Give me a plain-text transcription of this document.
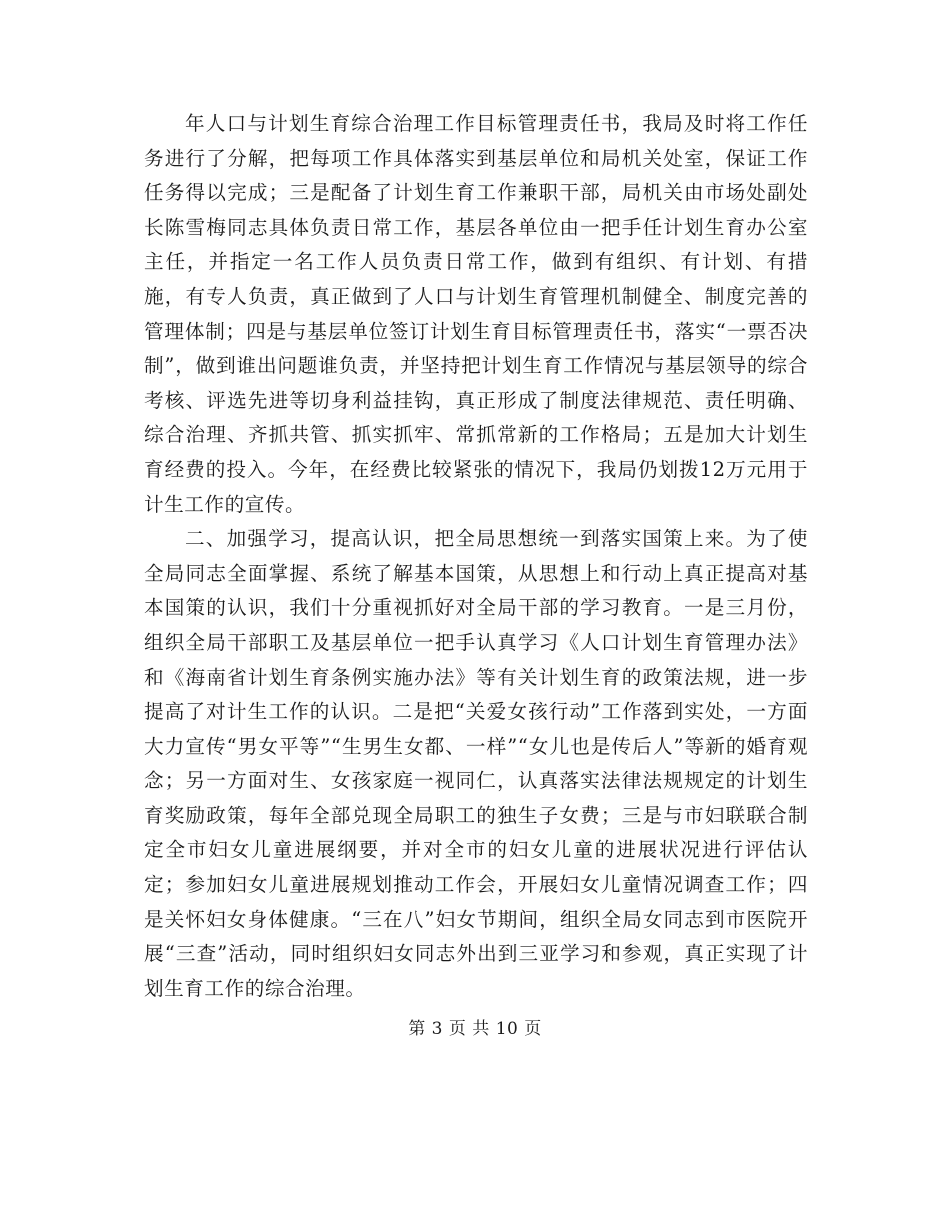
年人口与计划生育综合治理工作目标管理责任书，我局及时将工作任务进行了分解，把每项工作具体落实到基层单位和局机关处室，保证工作任务得以完成；三是配备了计划生育工作兼职干部，局机关由市场处副处长陈雪梅同志具体负责日常工作，基层各单位由一把手任计划生育办公室主任，并指定一名工作人员负责日常工作，做到有组织、有计划、有措施，有专人负责，真正做到了人口与计划生育管理机制健全、制度完善的管理体制；四是与基层单位签订计划生育目标管理责任书，落实“一票否决制”，做到谁出问题谁负责，并坚持把计划生育工作情况与基层领导的综合考核、评选先进等切身利益挂钩，真正形成了制度法律规范、责任明确、综合治理、齐抓共管、抓实抓牢、常抓常新的工作格局；五是加大计划生育经费的投入。今年，在经费比较紧张的情况下，我局仍划拨12万元用于计生工作的宣传。

二、加强学习，提高认识，把全局思想统一到落实国策上来。为了使全局同志全面掌握、系统了解基本国策，从思想上和行动上真正提高对基本国策的认识，我们十分重视抓好对全局干部的学习教育。一是三月份，组织全局干部职工及基层单位一把手认真学习《人口计划生育管理办法》和《海南省计划生育条例实施办法》等有关计划生育的政策法规，进一步提高了对计生工作的认识。二是把“关爱女孩行动”工作落到实处，一方面大力宣传“男女平等”“生男生女都、一样”“女儿也是传后人”等新的婚育观念；另一方面对生、女孩家庭一视同仁，认真落实法律法规规定的计划生育奖励政策，每年全部兑现全局职工的独生子女费；三是与市妇联联合制定全市妇女儿童进展纲要，并对全市的妇女儿童的进展状况进行评估认定；参加妇女儿童进展规划推动工作会，开展妇女儿童情况调查工作；四是关怀妇女身体健康。“三在八”妇女节期间，组织全局女同志到市医院开展“三查”活动，同时组织妇女同志外出到三亚学习和参观，真正实现了计划生育工作的综合治理。

第 3 页 共 10 页
